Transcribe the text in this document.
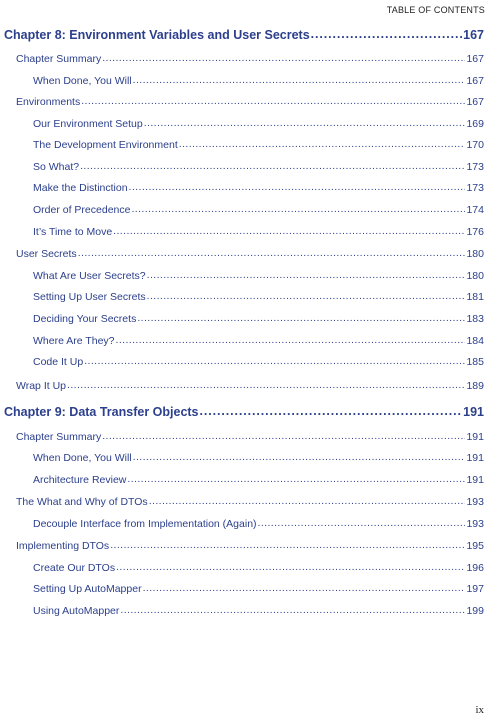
TABLE OF CONTENTS
Chapter 8: Environment Variables and User Secrets .....	167
Chapter Summary .....	167
When Done, You Will .....	167
Environments .....	167
Our Environment Setup .....	169
The Development Environment .....	170
So What? .....	173
Make the Distinction .....	173
Order of Precedence .....	174
It’s Time to Move .....	176
User Secrets .....	180
What Are User Secrets? .....	180
Setting Up User Secrets .....	181
Deciding Your Secrets .....	183
Where Are They? .....	184
Code It Up .....	185
Wrap It Up .....	189
Chapter 9: Data Transfer Objects .....	191
Chapter Summary .....	191
When Done, You Will .....	191
Architecture Review .....	191
The What and Why of DTOs .....	193
Decouple Interface from Implementation (Again) .....	193
Implementing DTOs .....	195
Create Our DTOs .....	196
Setting Up AutoMapper .....	197
Using AutoMapper .....	199
ix
